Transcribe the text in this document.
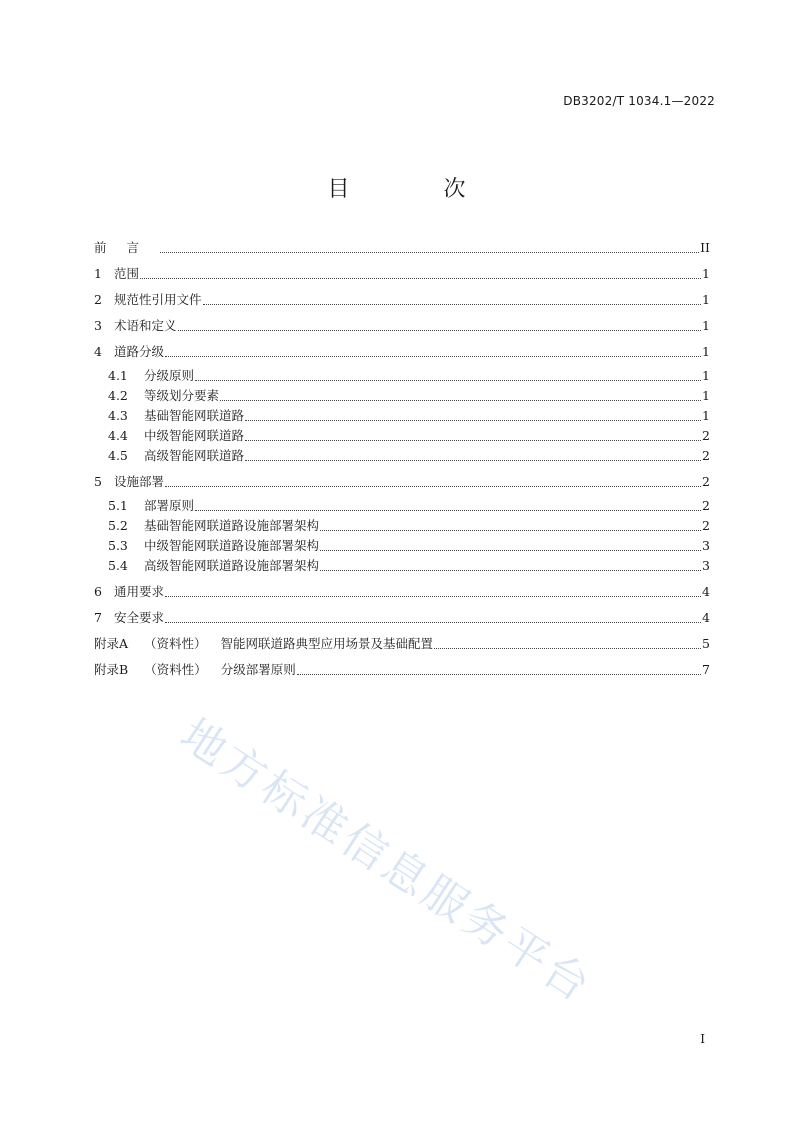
DB3202/T 1034.1—2022
目　次
前言	II
1 范围	1
2 规范性引用文件	1
3 术语和定义	1
4 道路分级	1
4.1 分级原则	1
4.2 等级划分要素	1
4.3 基础智能网联道路	1
4.4 中级智能网联道路	2
4.5 高级智能网联道路	2
5 设施部署	2
5.1 部署原则	2
5.2 基础智能网联道路设施部署架构	2
5.3 中级智能网联道路设施部署架构	3
5.4 高级智能网联道路设施部署架构	3
6 通用要求	4
7 安全要求	4
附录A （资料性） 智能网联道路典型应用场景及基础配置	5
附录B （资料性） 分级部署原则	7
地方标准信息服务平台
I
